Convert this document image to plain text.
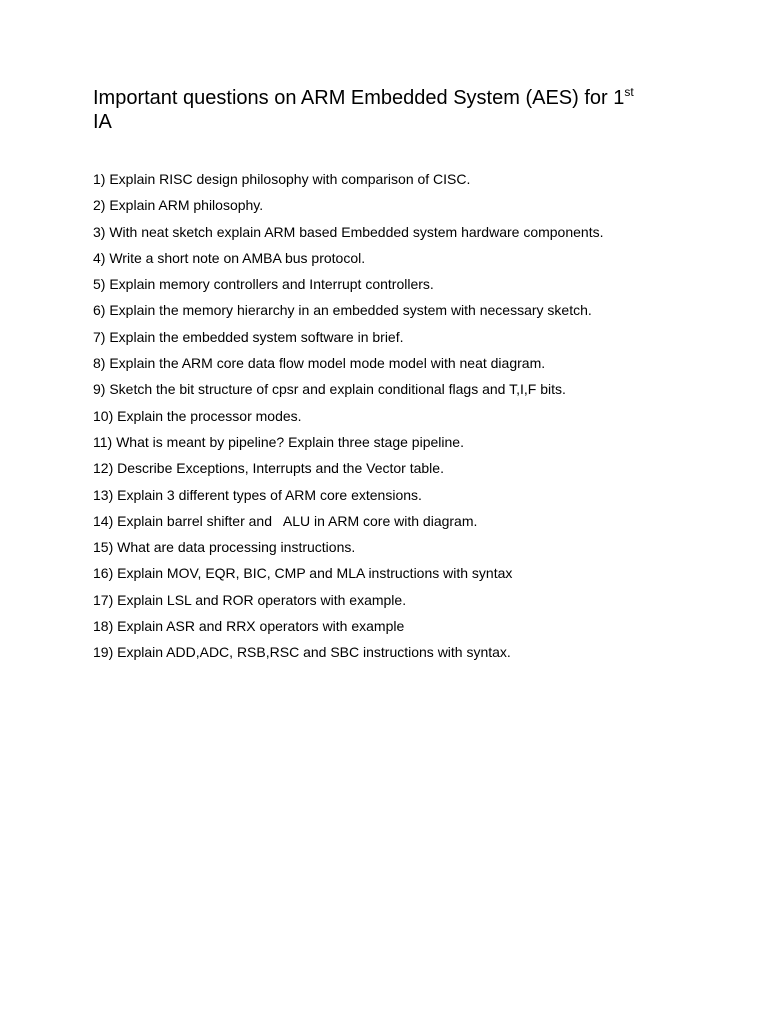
Important questions on ARM Embedded System (AES) for 1st
IA
1) Explain RISC design philosophy with comparison of CISC.
2) Explain ARM philosophy.
3) With neat sketch explain ARM based Embedded system hardware components.
4) Write a short note on AMBA bus protocol.
5) Explain memory controllers and Interrupt controllers.
6) Explain the memory hierarchy in an embedded system with necessary sketch.
7) Explain the embedded system software in brief.
8) Explain the ARM core data flow model mode model with neat diagram.
9) Sketch the bit structure of cpsr and explain conditional flags and T,I,F bits.
10) Explain the processor modes.
11) What is meant by pipeline? Explain three stage pipeline.
12) Describe Exceptions, Interrupts and the Vector table.
13) Explain 3 different types of ARM core extensions.
14) Explain barrel shifter and   ALU in ARM core with diagram.
15) What are data processing instructions.
16) Explain MOV, EQR, BIC, CMP and MLA instructions with syntax
17) Explain LSL and ROR operators with example.
18) Explain ASR and RRX operators with example
19) Explain ADD,ADC, RSB,RSC and SBC instructions with syntax.
